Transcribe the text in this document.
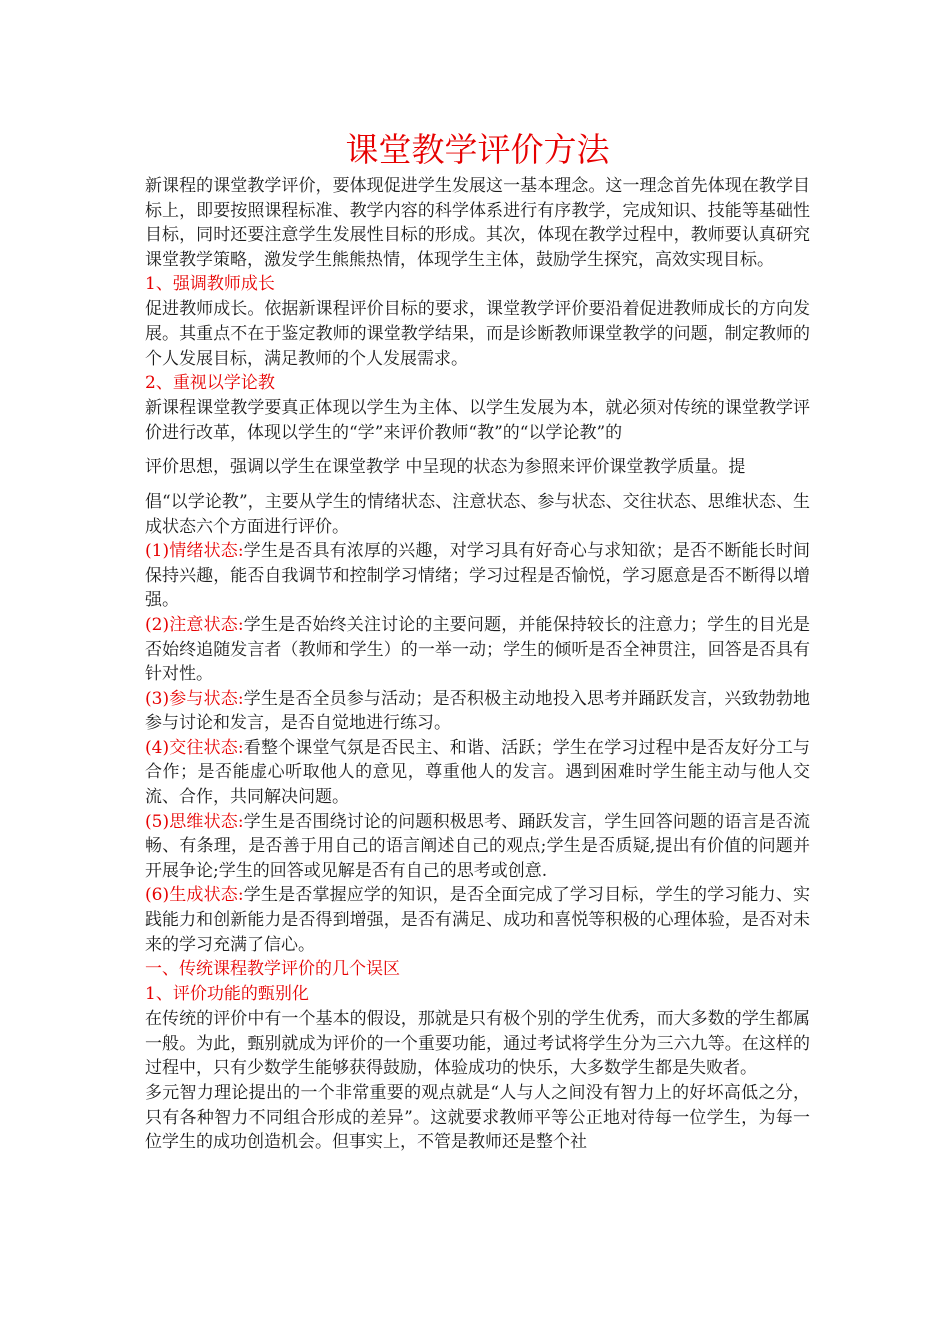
课堂教学评价方法

新课程的课堂教学评价，要体现促进学生发展这一基本理念。这一理念首先体现在教学目标上，即要按照课程标准、教学内容的科学体系进行有序教学，完成知识、技能等基础性目标，同时还要注意学生发展性目标的形成。其次，体现在教学过程中，教师要认真研究课堂教学策略，激发学生熊熊热情，体现学生主体，鼓励学生探究，高效实现目标。

1、强调教师成长

促进教师成长。依据新课程评价目标的要求，课堂教学评价要沿着促进教师成长的方向发展。其重点不在于鉴定教师的课堂教学结果，而是诊断教师课堂教学的问题，制定教师的个人发展目标，满足教师的个人发展需求。

2、重视以学论教

新课程课堂教学要真正体现以学生为主体、以学生发展为本，就必须对传统的课堂教学评价进行改革，体现以学生的“学”来评价教师“教”的“以学论教”的

评价思想，强调以学生在课堂教学 中呈现的状态为参照来评价课堂教学质量。提

倡“以学论教”，主要从学生的情绪状态、注意状态、参与状态、交往状态、思维状态、生成状态六个方面进行评价。

(1)情绪状态:学生是否具有浓厚的兴趣，对学习具有好奇心与求知欲；是否不断能长时间保持兴趣，能否自我调节和控制学习情绪；学习过程是否愉悦，学习愿意是否不断得以增强。

(2)注意状态:学生是否始终关注讨论的主要问题，并能保持较长的注意力；学生的目光是否始终追随发言者（教师和学生）的一举一动；学生的倾听是否全神贯注，回答是否具有针对性。

(3)参与状态:学生是否全员参与活动；是否积极主动地投入思考并踊跃发言，兴致勃勃地参与讨论和发言，是否自觉地进行练习。

(4)交往状态:看整个课堂气氛是否民主、和谐、活跃；学生在学习过程中是否友好分工与合作；是否能虚心听取他人的意见，尊重他人的发言。遇到困难时学生能主动与他人交流、合作，共同解决问题。

(5)思维状态:学生是否围绕讨论的问题积极思考、踊跃发言，学生回答问题的语言是否流畅、有条理，是否善于用自己的语言阐述自己的观点;学生是否质疑,提出有价值的问题并开展争论;学生的回答或见解是否有自己的思考或创意.

(6)生成状态:学生是否掌握应学的知识，是否全面完成了学习目标，学生的学习能力、实践能力和创新能力是否得到增强，是否有满足、成功和喜悦等积极的心理体验，是否对未来的学习充满了信心。

一、传统课程教学评价的几个误区
1、评价功能的甄别化

在传统的评价中有一个基本的假设，那就是只有极个别的学生优秀，而大多数的学生都属一般。为此，甄别就成为评价的一个重要功能，通过考试将学生分为三六九等。在这样的过程中，只有少数学生能够获得鼓励，体验成功的快乐，大多数学生都是失败者。

多元智力理论提出的一个非常重要的观点就是“人与人之间没有智力上的好坏高低之分，只有各种智力不同组合形成的差异”。这就要求教师平等公正地对待每一位学生，为每一位学生的成功创造机会。但事实上，不管是教师还是整个社
